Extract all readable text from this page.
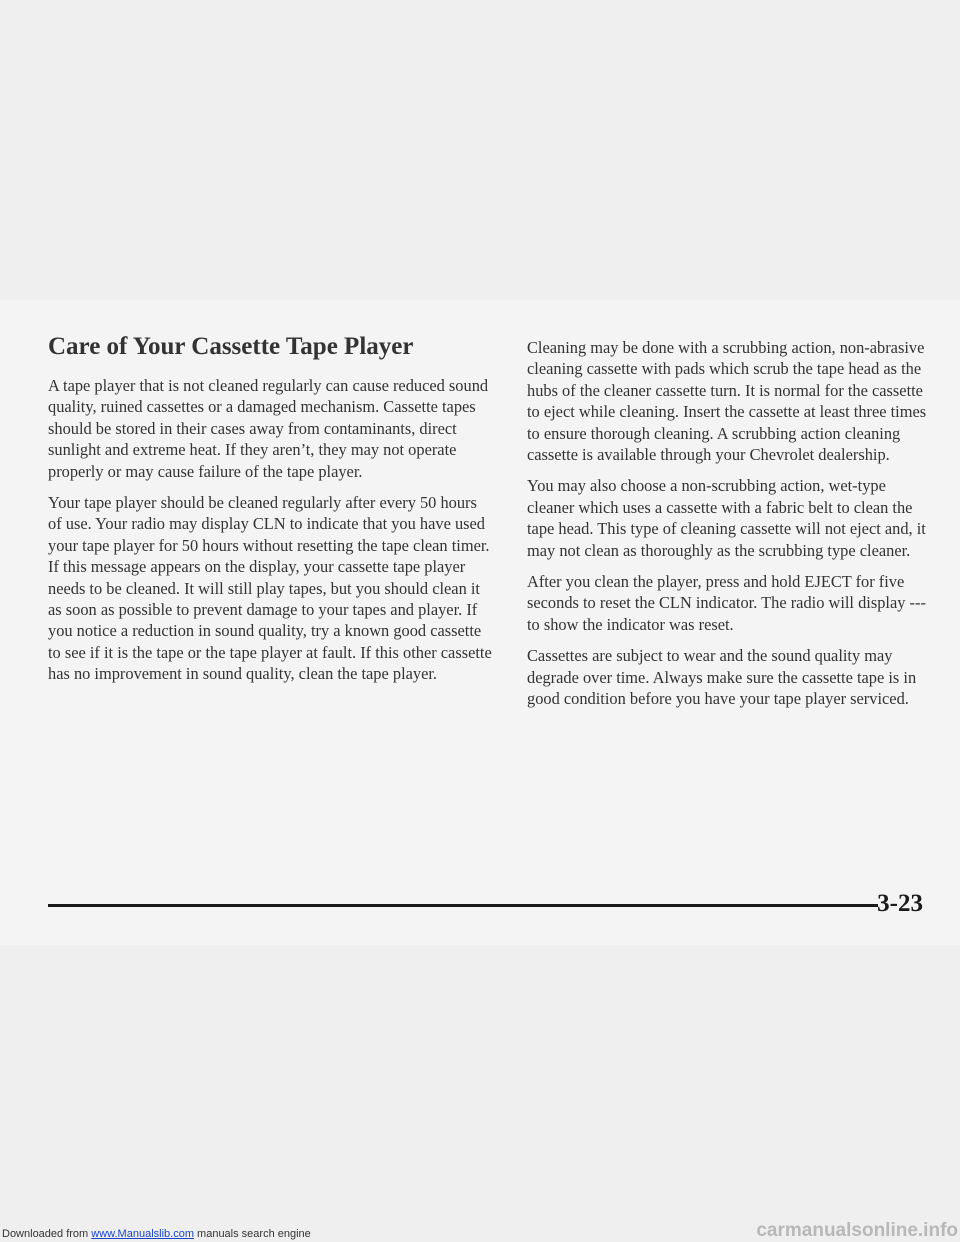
Care of Your Cassette Tape Player

A tape player that is not cleaned regularly can cause reduced sound quality, ruined cassettes or a damaged mechanism. Cassette tapes should be stored in their cases away from contaminants, direct sunlight and extreme heat. If they aren’t, they may not operate properly or may cause failure of the tape player.

Your tape player should be cleaned regularly after every 50 hours of use. Your radio may display CLN to indicate that you have used your tape player for 50 hours without resetting the tape clean timer. If this message appears on the display, your cassette tape player needs to be cleaned. It will still play tapes, but you should clean it as soon as possible to prevent damage to your tapes and player. If you notice a reduction in sound quality, try a known good cassette to see if it is the tape or the tape player at fault. If this other cassette has no improvement in sound quality, clean the tape player.

Cleaning may be done with a scrubbing action, non-abrasive cleaning cassette with pads which scrub the tape head as the hubs of the cleaner cassette turn. It is normal for the cassette to eject while cleaning. Insert the cassette at least three times to ensure thorough cleaning. A scrubbing action cleaning cassette is available through your Chevrolet dealership.

You may also choose a non-scrubbing action, wet-type cleaner which uses a cassette with a fabric belt to clean the tape head. This type of cleaning cassette will not eject and, it may not clean as thoroughly as the scrubbing type cleaner.

After you clean the player, press and hold EJECT for five seconds to reset the CLN indicator. The radio will display --- to show the indicator was reset.

Cassettes are subject to wear and the sound quality may degrade over time. Always make sure the cassette tape is in good condition before you have your tape player serviced.

3-23
Downloaded from www.Manualslib.com manuals search engine	carmanualsonline.info
